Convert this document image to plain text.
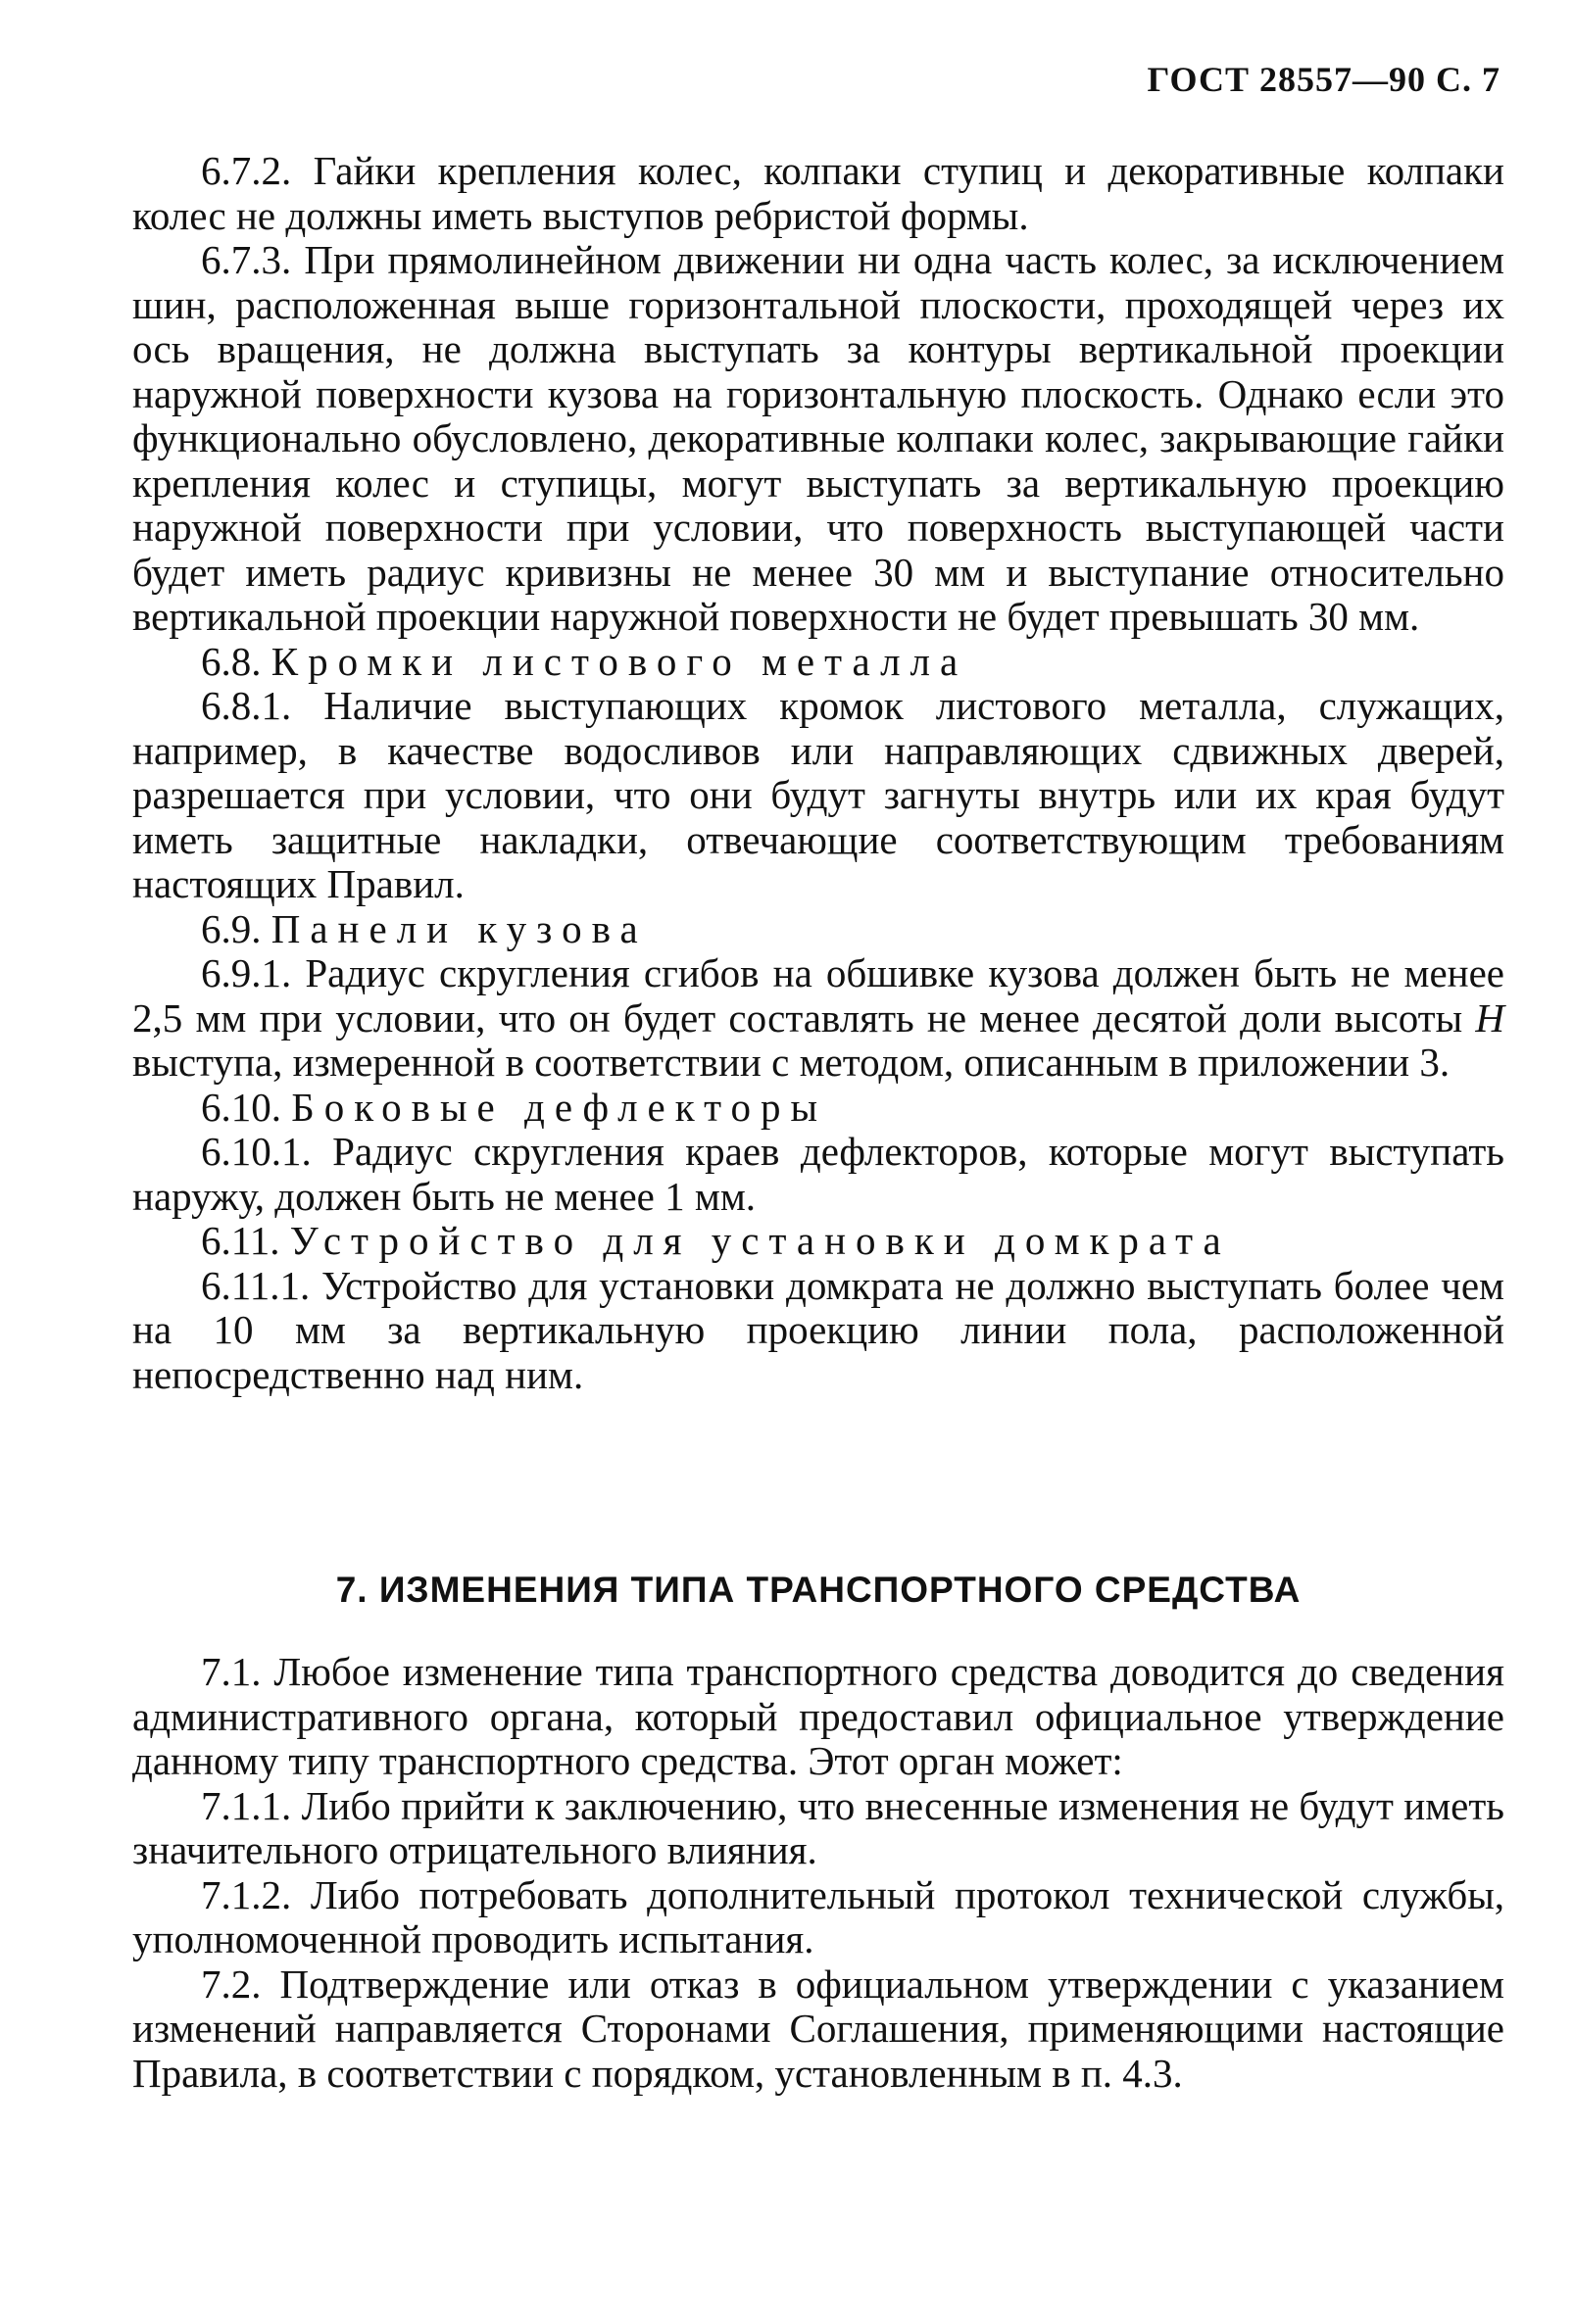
ГОСТ 28557—90 С. 7

6.7.2. Гайки крепления колес, колпаки ступиц и декоративные колпаки колес не должны иметь выступов ребристой формы.

6.7.3. При прямолинейном движении ни одна часть колес, за исключением шин, расположенная выше горизонтальной плоскости, проходящей через их ось вращения, не должна выступать за контуры вертикальной проекции наружной поверхности кузова на горизонтальную плоскость. Однако если это функционально обусловлено, декоративные колпаки колес, закрывающие гайки крепления колес и ступицы, могут выступать за вертикальную проекцию наружной поверхности при условии, что поверхность выступающей части будет иметь радиус кривизны не менее 30 мм и выступание относительно вертикальной проекции наружной поверхности не будет превышать 30 мм.

6.8. Кромки листового металла

6.8.1. Наличие выступающих кромок листового металла, служащих, например, в качестве водосливов или направляющих сдвижных дверей, разрешается при условии, что они будут загнуты внутрь или их края будут иметь защитные накладки, отвечающие соответствующим требованиям настоящих Правил.

6.9. Панели кузова

6.9.1. Радиус скругления сгибов на обшивке кузова должен быть не менее 2,5 мм при условии, что он будет составлять не менее десятой доли высоты H выступа, измеренной в соответствии с методом, описанным в приложении 3.

6.10. Боковые дефлекторы

6.10.1. Радиус скругления краев дефлекторов, которые могут выступать наружу, должен быть не менее 1 мм.

6.11. Устройство для установки домкрата

6.11.1. Устройство для установки домкрата не должно выступать более чем на 10 мм за вертикальную проекцию линии пола, расположенной непосредственно над ним.

7. ИЗМЕНЕНИЯ ТИПА ТРАНСПОРТНОГО СРЕДСТВА

7.1. Любое изменение типа транспортного средства доводится до сведения административного органа, который предоставил официальное утверждение данному типу транспортного средства. Этот орган может:

7.1.1. Либо прийти к заключению, что внесенные изменения не будут иметь значительного отрицательного влияния.

7.1.2. Либо потребовать дополнительный протокол технической службы, уполномоченной проводить испытания.

7.2. Подтверждение или отказ в официальном утверждении с указанием изменений направляется Сторонами Соглашения, применяющими настоящие Правила, в соответствии с порядком, установленным в п. 4.3.
